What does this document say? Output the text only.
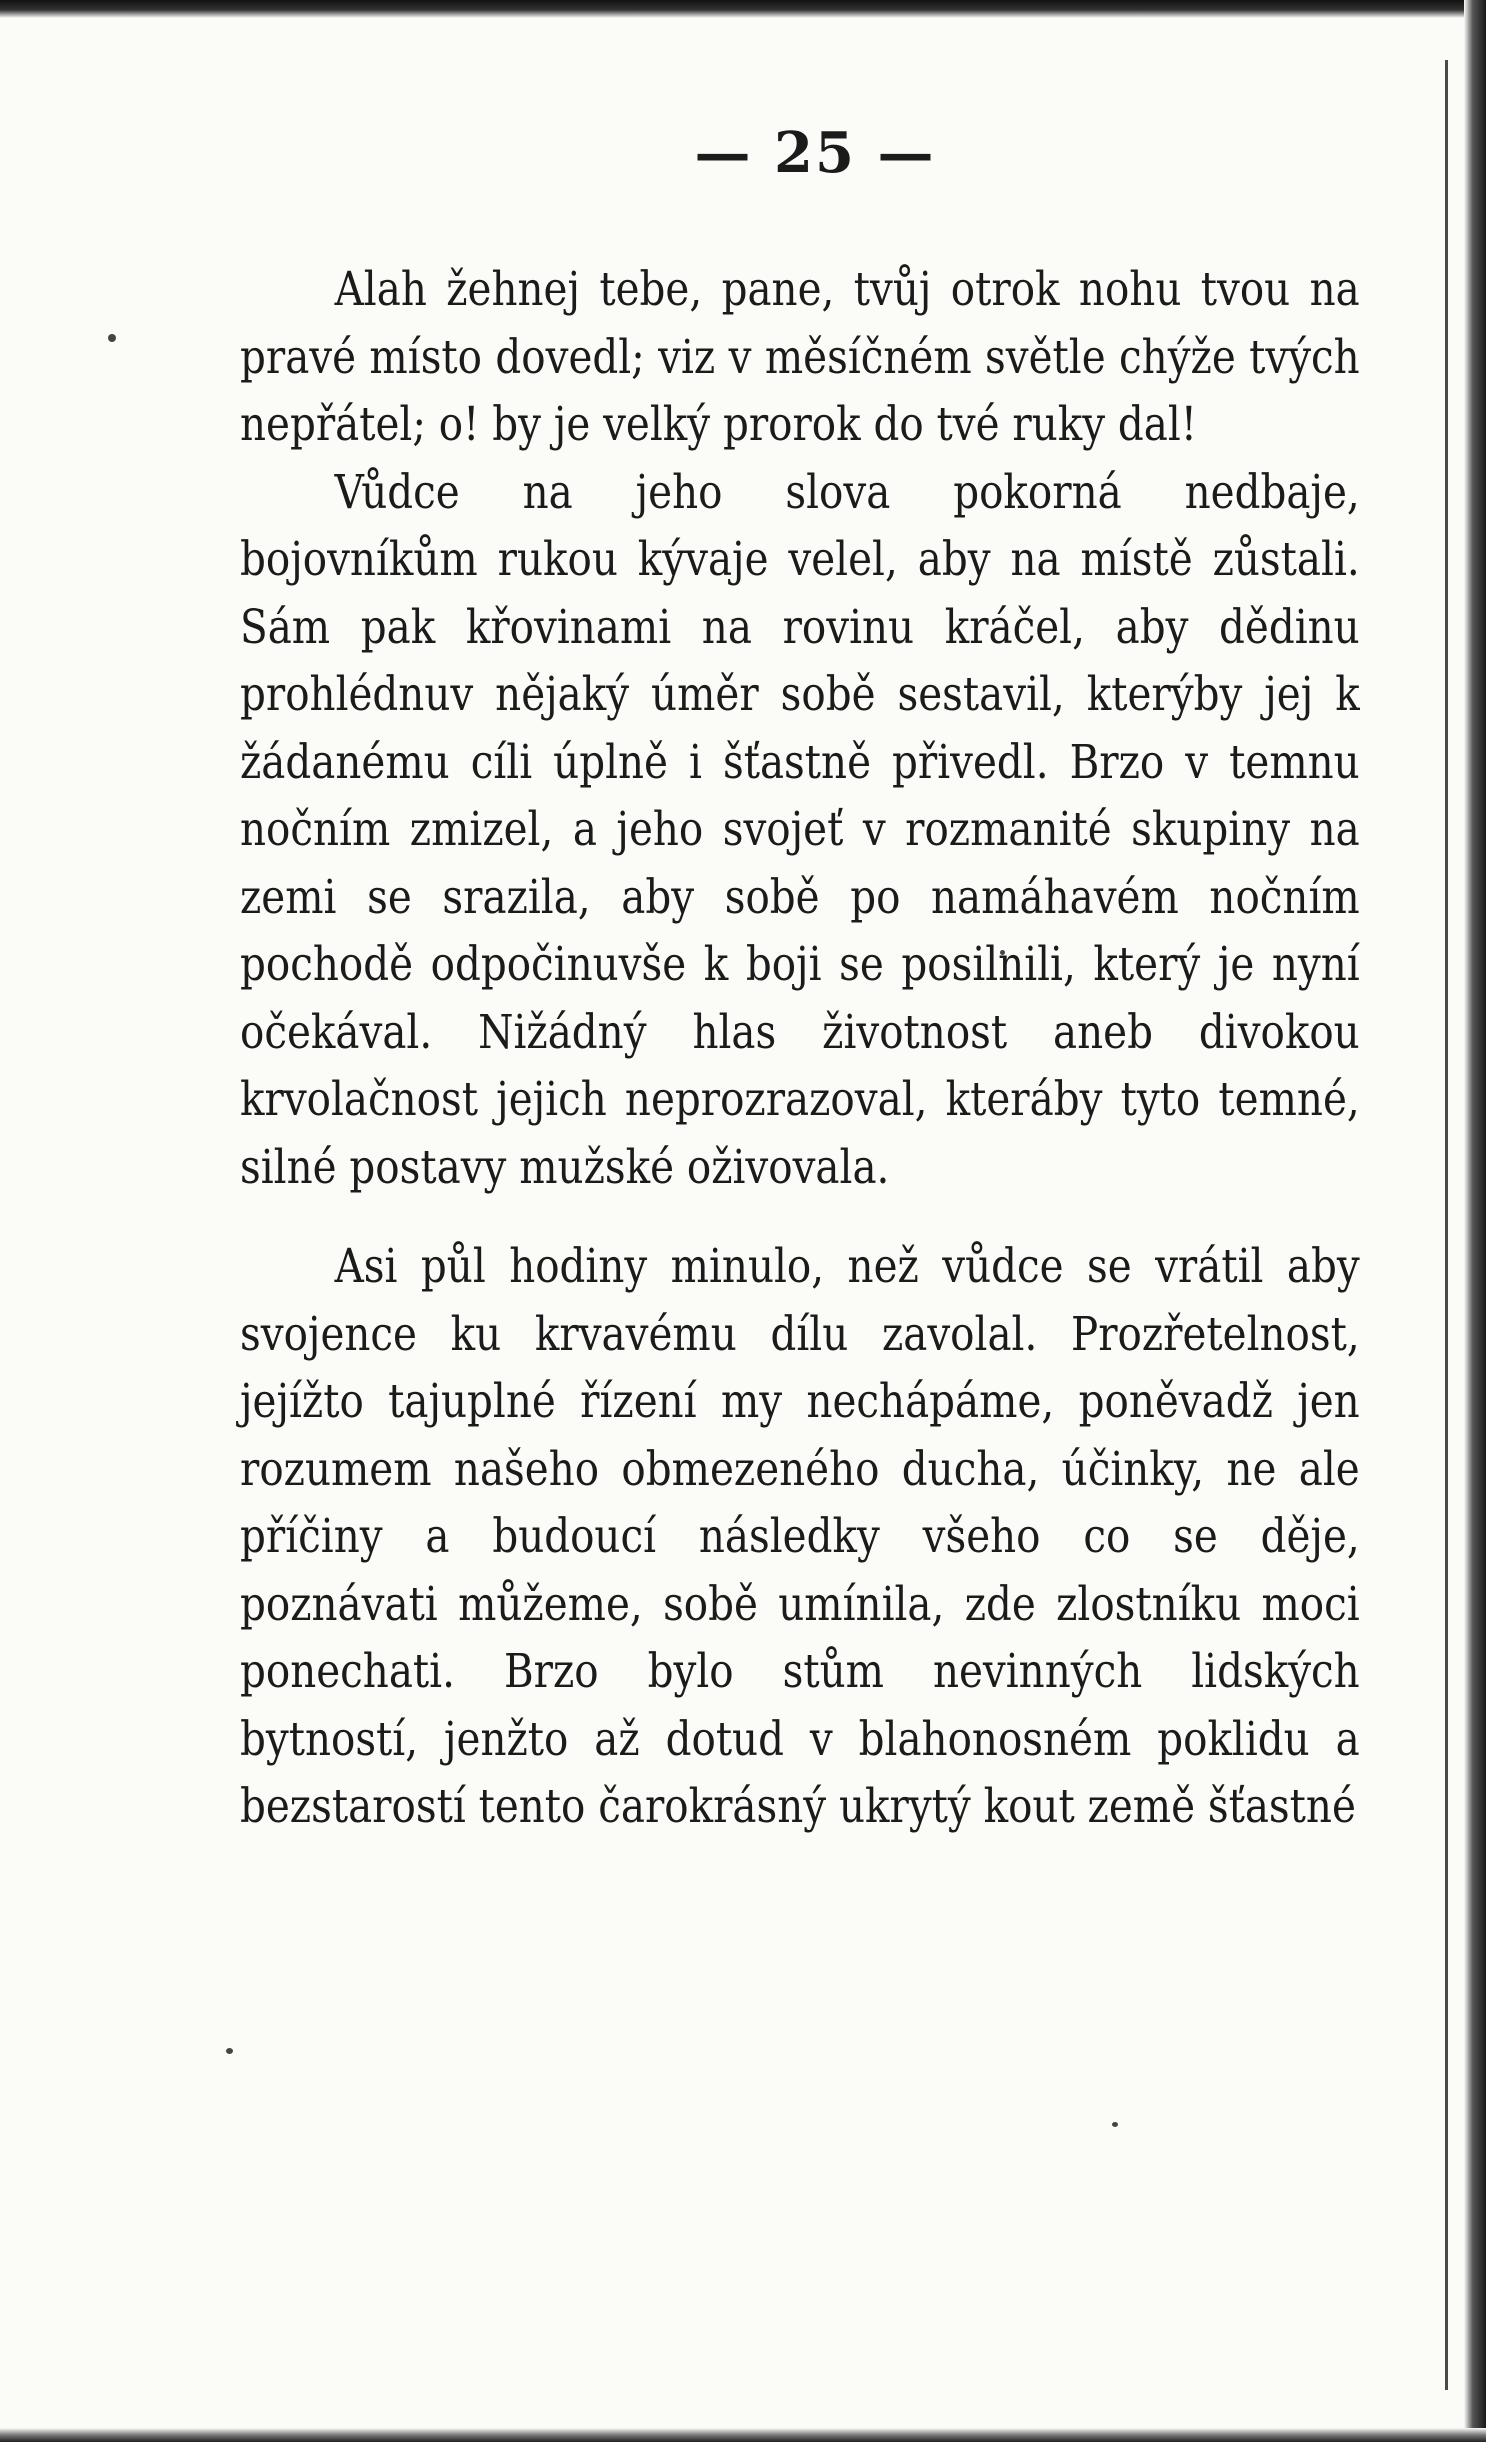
— 25 —

Alah žehnej tebe, pane, tvůj otrok nohu tvou na pravé místo dovedl; viz v měsíčném světle chýže tvých nepřátel; o! by je velký prorok do tvé ruky dal!

Vůdce na jeho slova pokorná nedbaje, bojovníkům rukou kývaje velel, aby na místě zůstali. Sám pak křovinami na rovinu kráčel, aby dědinu prohlédnuv nějaký úměr sobě sestavil, kterýby jej k žádanému cíli úplně i šťastně přivedl. Brzo v temnu nočním zmizel, a jeho svojeť v rozmanité skupiny na zemi se srazila, aby sobě po namáhavém nočním pochodě odpočinuvše k boji se posilnili, který je nyní očekával. Nižádný hlas životnost aneb divokou krvolačnost jejich neprozrazoval, kteráby tyto temné, silné postavy mužské oživovala.

Asi půl hodiny minulo, než vůdce se vrátil aby svojence ku krvavému dílu zavolal. Prozřetelnost, jejížto tajuplné řízení my nechápáme, poněvadž jen rozumem našeho obmezeného ducha, účinky, ne ale příčiny a budoucí následky všeho co se děje, poznávati můžeme, sobě umínila, zde zlostníku moci ponechati. Brzo bylo stům nevinných lidských bytností, jenžto až dotud v blahonosném poklidu a bezstarostí tento čarokrásný ukrytý kout země šťastné
